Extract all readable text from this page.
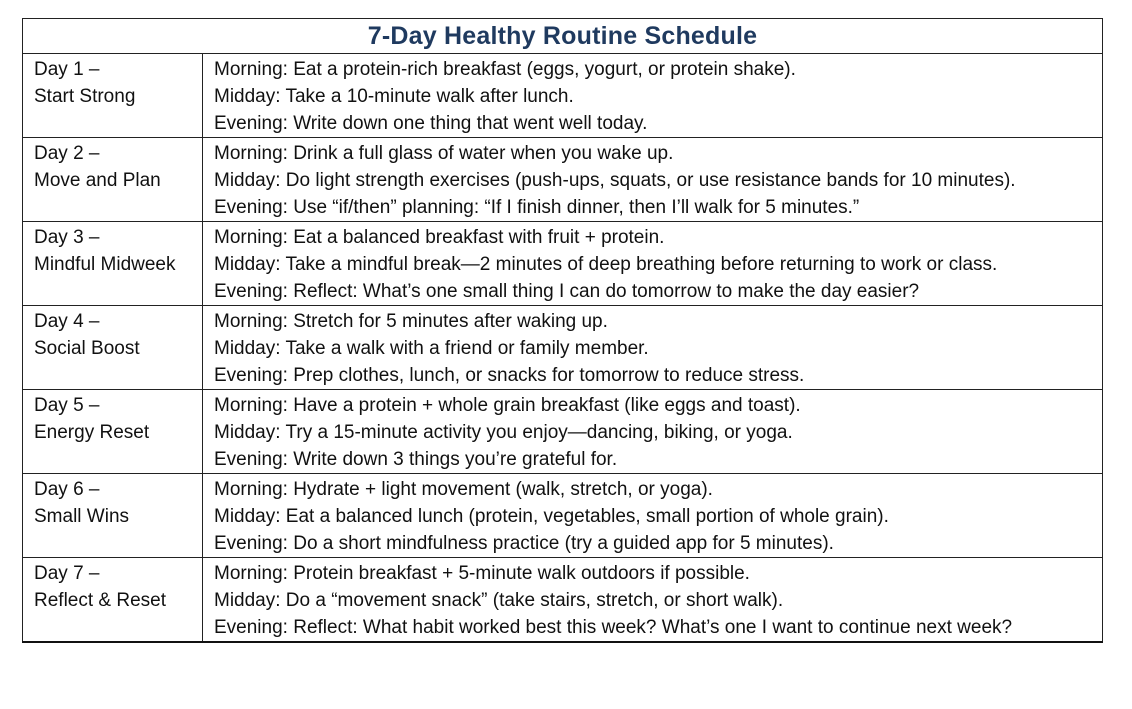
7-Day Healthy Routine Schedule	

Day 1 –
Start Strong	Morning: Eat a protein-rich breakfast (eggs, yogurt, or protein shake).
Midday: Take a 10-minute walk after lunch.
Evening: Write down one thing that went well today.

Day 2 –
Move and Plan	Morning: Drink a full glass of water when you wake up.
Midday: Do light strength exercises (push-ups, squats, or use resistance bands for 10 minutes).
Evening: Use “if/then” planning: “If I finish dinner, then I’ll walk for 5 minutes.”

Day 3 –
Mindful Midweek	Morning: Eat a balanced breakfast with fruit + protein.
Midday: Take a mindful break—2 minutes of deep breathing before returning to work or class.
Evening: Reflect: What’s one small thing I can do tomorrow to make the day easier?

Day 4 –
Social Boost	Morning: Stretch for 5 minutes after waking up.
Midday: Take a walk with a friend or family member.
Evening: Prep clothes, lunch, or snacks for tomorrow to reduce stress.

Day 5 –
Energy Reset	Morning: Have a protein + whole grain breakfast (like eggs and toast).
Midday: Try a 15-minute activity you enjoy—dancing, biking, or yoga.
Evening: Write down 3 things you’re grateful for.

Day 6 –
Small Wins	Morning: Hydrate + light movement (walk, stretch, or yoga).
Midday: Eat a balanced lunch (protein, vegetables, small portion of whole grain).
Evening: Do a short mindfulness practice (try a guided app for 5 minutes).

Day 7 –
Reflect & Reset	Morning: Protein breakfast + 5-minute walk outdoors if possible.
Midday: Do a “movement snack” (take stairs, stretch, or short walk).
Evening: Reflect: What habit worked best this week? What’s one I want to continue next week?
